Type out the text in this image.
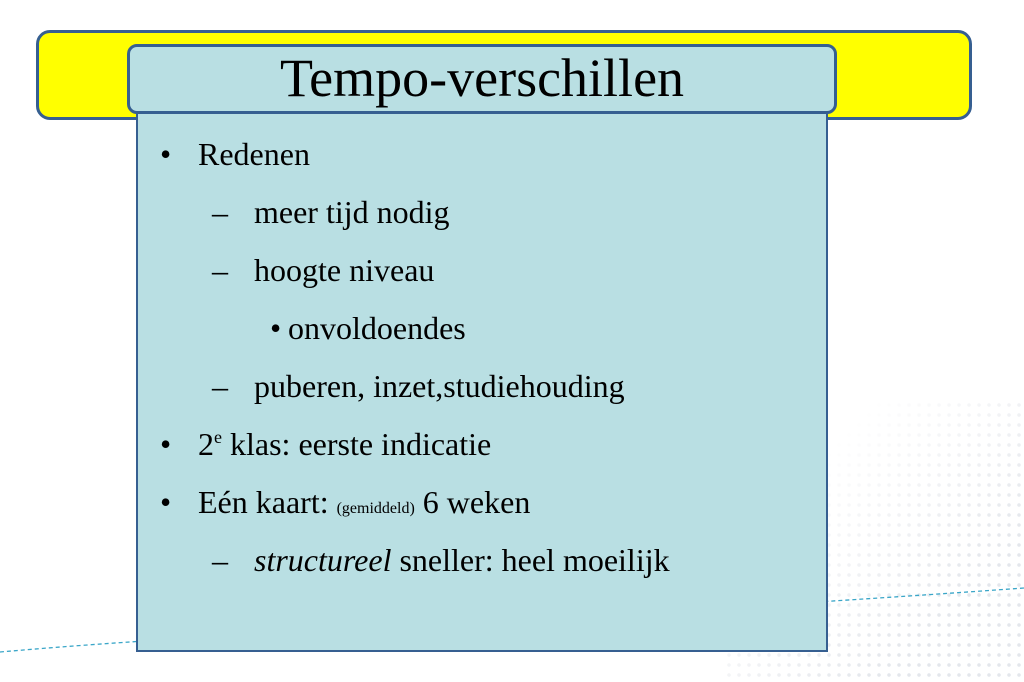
Tempo-verschillen
• Redenen
– meer tijd nodig
– hoogte niveau
• onvoldoendes
– puberen, inzet,studiehouding
• 2e klas: eerste indicatie
• Eén kaart: (gemiddeld) 6 weken
– structureel sneller: heel moeilijk
